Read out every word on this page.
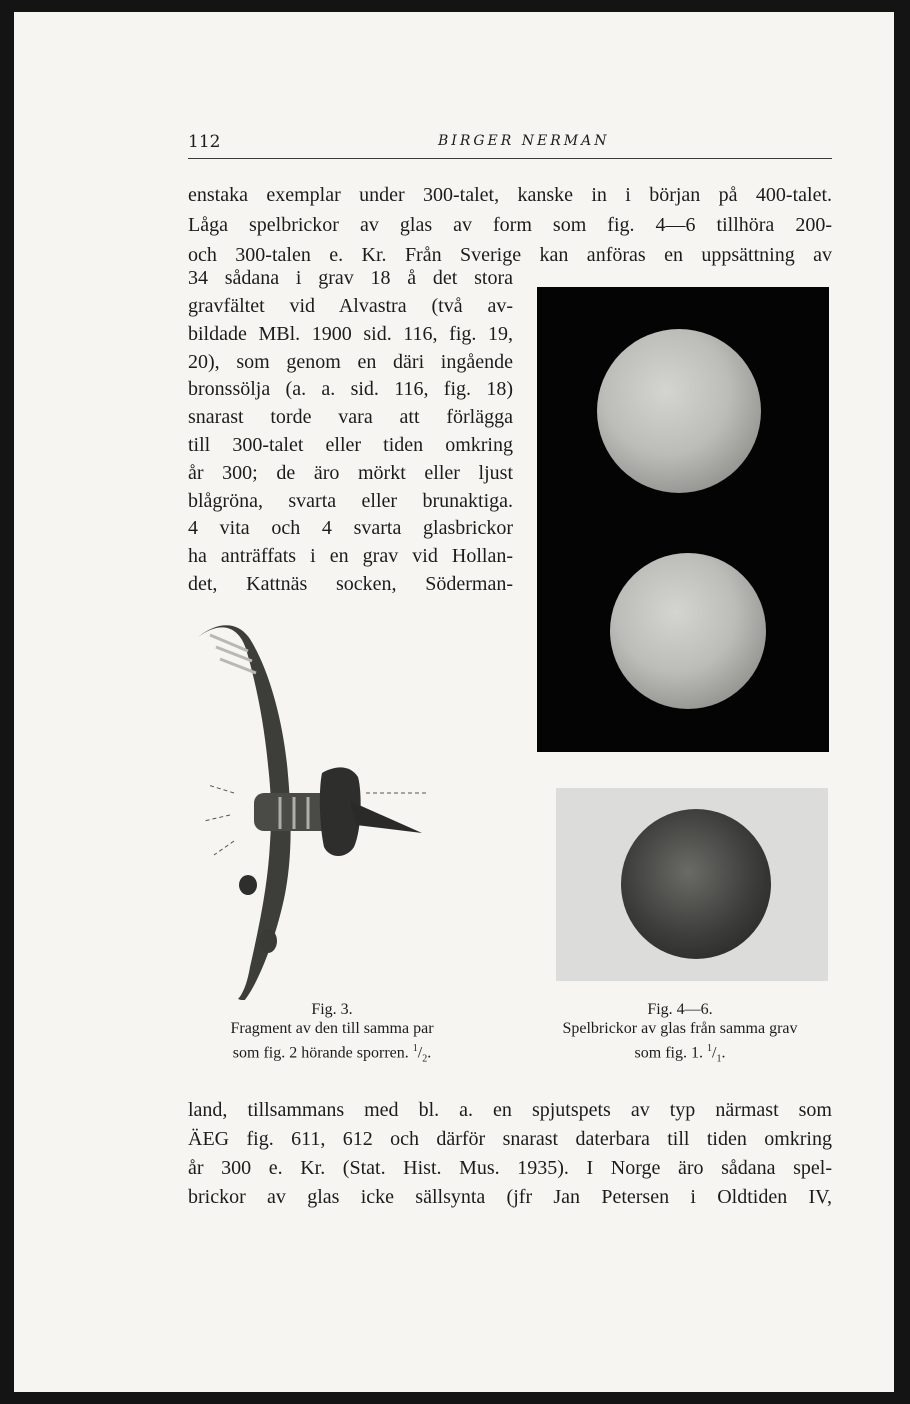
112	BIRGER NERMAN
enstaka exemplar under 300-talet, kanske in i början på 400-talet.
Låga spelbrickor av glas av form som fig. 4—6 tillhöra 200-
och 300-talen e. Kr. Från Sverige kan anföras en uppsättning av
34 sådana i grav 18 å det stora
gravfältet vid Alvastra (två av-
bildade MBl. 1900 sid. 116, fig. 19,
20), som genom en däri ingående
bronssölja (a. a. sid. 116, fig. 18)
snarast torde vara att förlägga
till 300-talet eller tiden omkring
år 300; de äro mörkt eller ljust
blågröna, svarta eller brunaktiga.
4 vita och 4 svarta glasbrickor
ha anträffats i en grav vid Hollan-
det, Kattnäs socken, Söderman-
Fig. 3.
Fragment av den till samma par
som fig. 2 hörande sporren. $^1/_2$.
Fig. 4—6.
Spelbrickor av glas från samma grav
som fig. 1. $^1/_1$.
land, tillsammans med bl. a. en spjutspets av typ närmast som
ÄEG fig. 611, 612 och därför snarast daterbara till tiden omkring
år 300 e. Kr. (Stat. Hist. Mus. 1935). I Norge äro sådana spel-
brickor av glas icke sällsynta (jfr Jan Petersen i Oldtiden IV,
